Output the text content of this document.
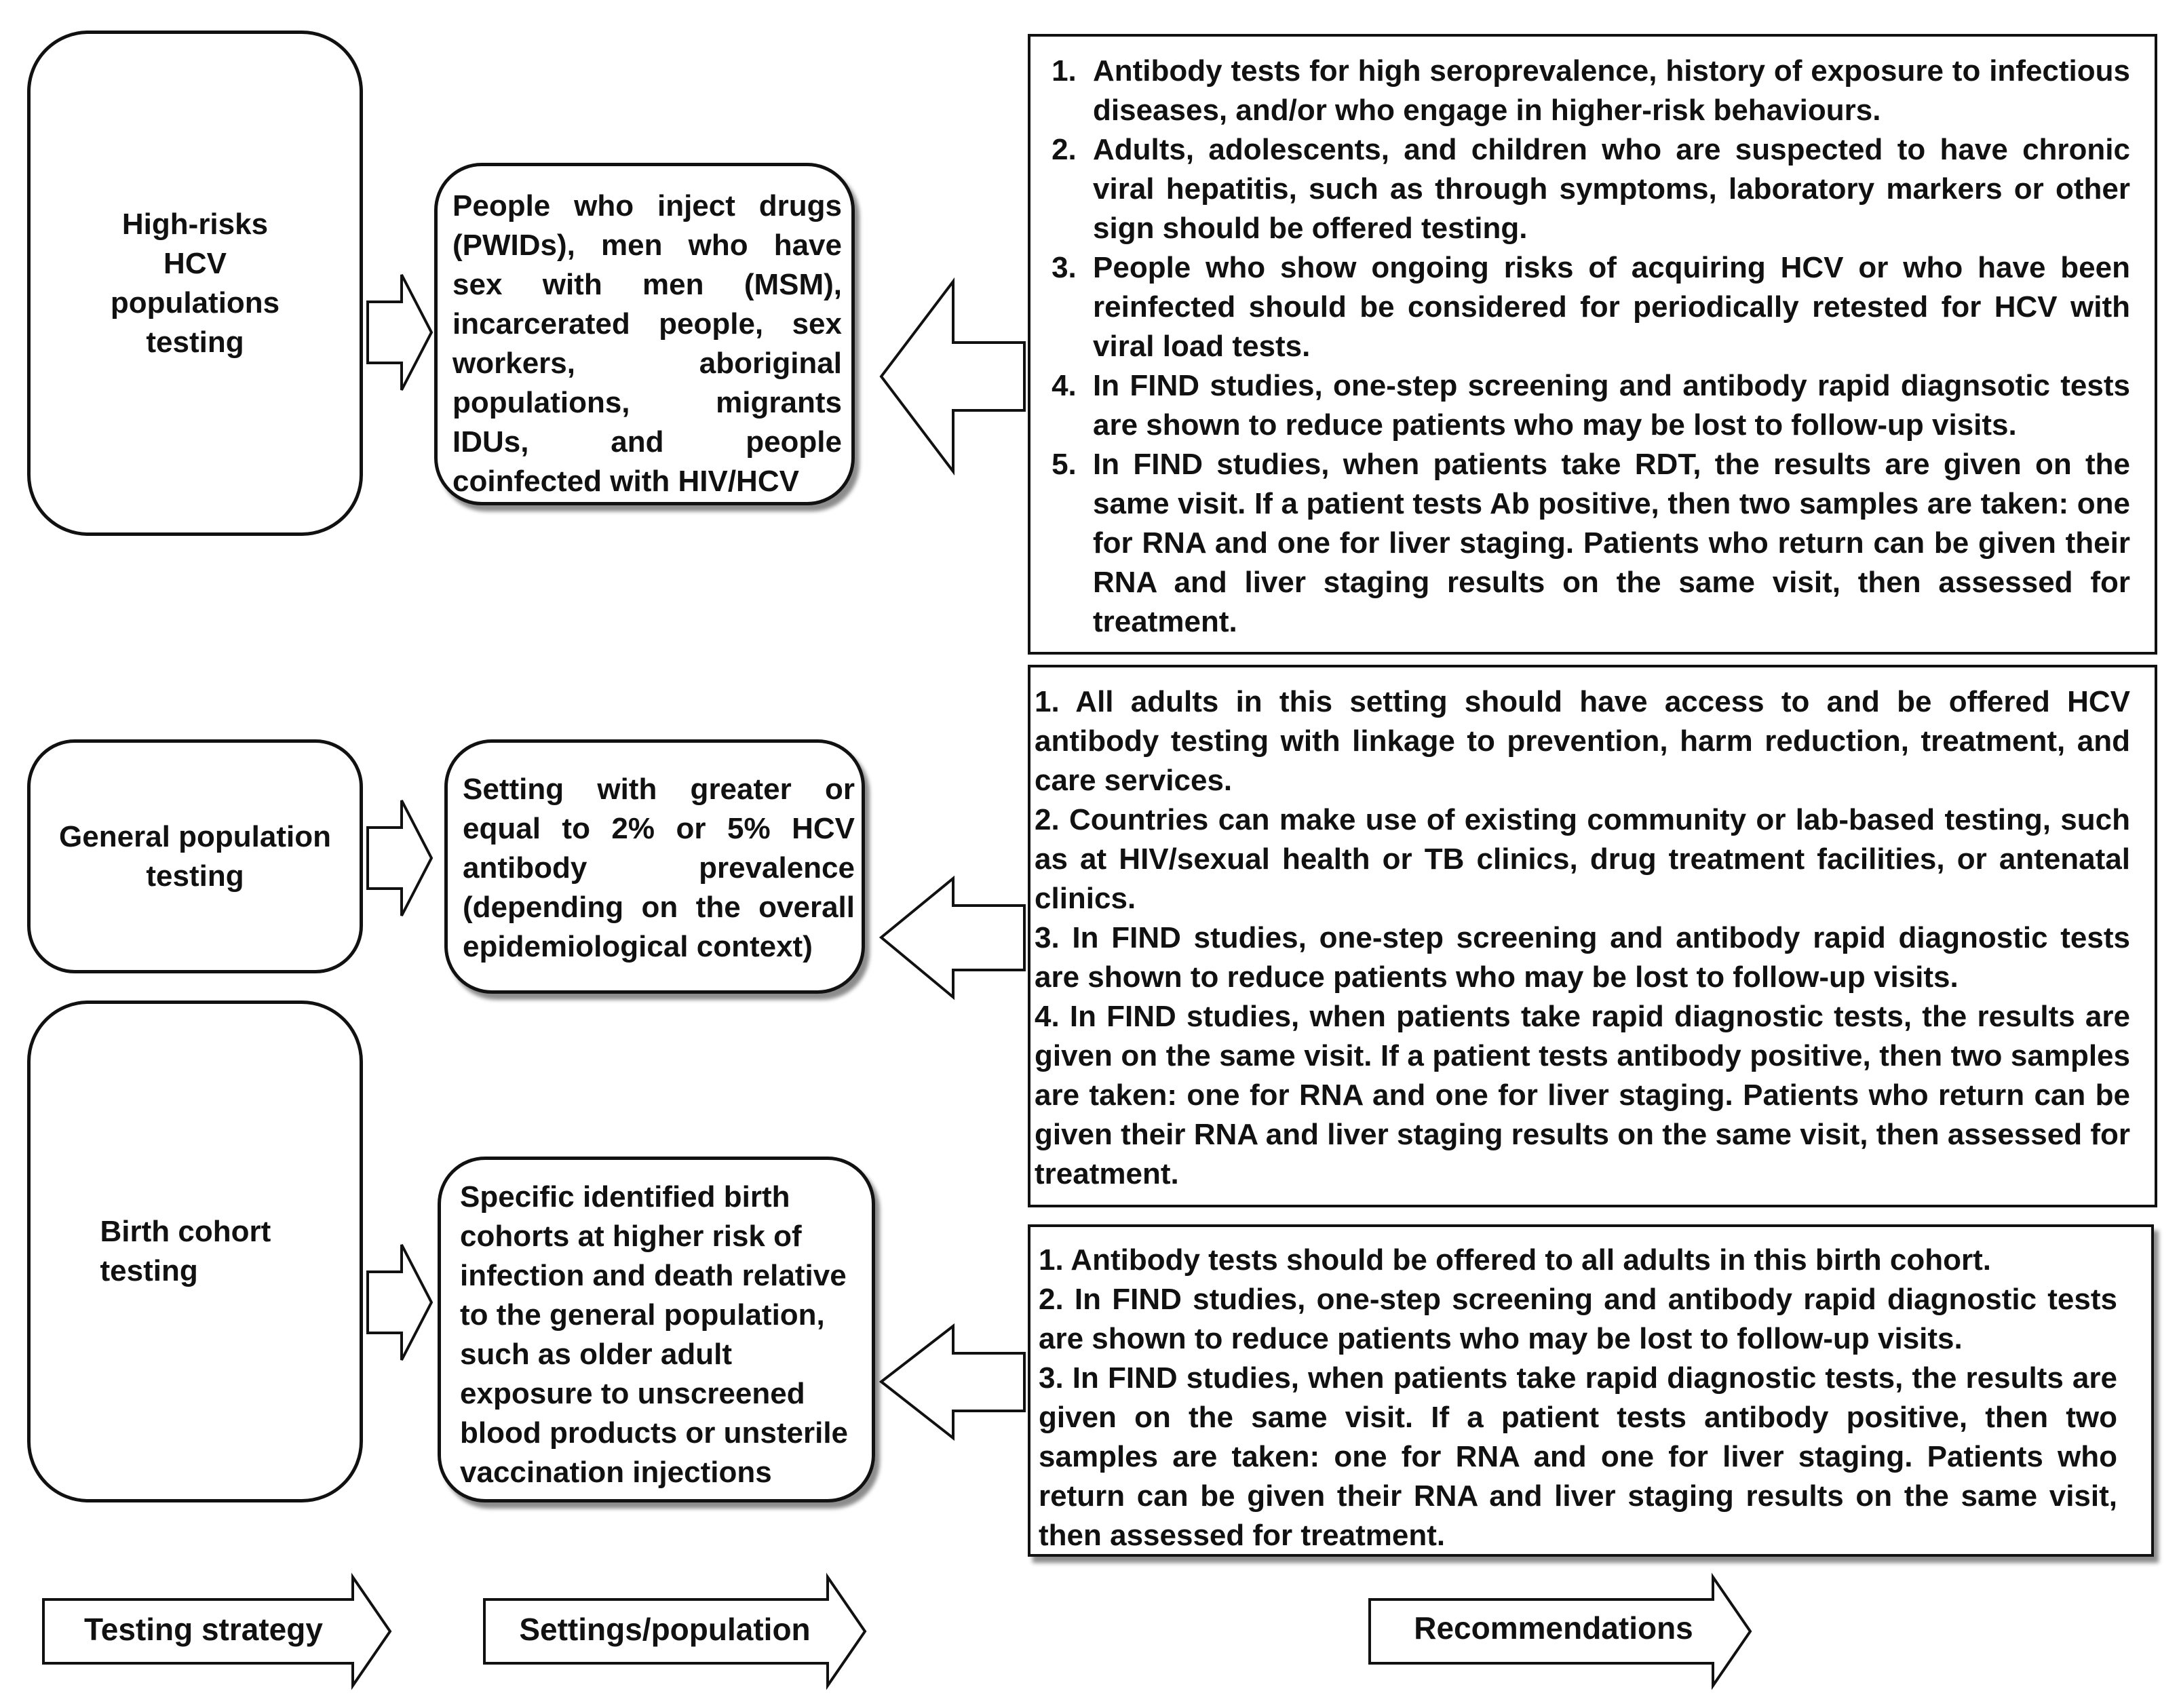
High-risks HCV populations testing
General population testing
Birth cohort testing
People who inject drugs (PWIDs), men who have sex with men (MSM), incarcerated people, sex workers, aboriginal populations, migrants IDUs, and people coinfected with HIV/HCV
Setting with greater or equal to 2% or 5% HCV antibody prevalence (depending on the overall epidemiological context)
Specific identified birth cohorts at higher risk of infection and death relative to the general population, such as older adult exposure to unscreened blood products or unsterile vaccination injections
1. Antibody tests for high seroprevalence, history of exposure to infectious diseases, and/or who engage in higher-risk behaviours.
2. Adults, adolescents, and children who are suspected to have chronic viral hepatitis, such as through symptoms, laboratory markers or other sign should be offered testing.
3. People who show ongoing risks of acquiring HCV or who have been reinfected should be considered for periodically retested for HCV with viral load tests.
4. In FIND studies, one-step screening and antibody rapid diagnsotic tests are shown to reduce patients who may be lost to follow-up visits.
5. In FIND studies, when patients take RDT, the results are given on the same visit. If a patient tests Ab positive, then two samples are taken: one for RNA and one for liver staging. Patients who return can be given their RNA and liver staging results on the same visit, then assessed for treatment.

1. All adults in this setting should have access to and be offered HCV antibody testing with linkage to prevention, harm reduction, treatment, and care services.

2. Countries can make use of existing community or lab-based testing, such as at HIV/sexual health or TB clinics, drug treatment facilities, or antenatal clinics.

3. In FIND studies, one-step screening and antibody rapid diagnostic tests are shown to reduce patients who may be lost to follow-up visits.

4. In FIND studies, when patients take rapid diagnostic tests, the results are given on the same visit. If a patient tests antibody positive, then two samples are taken: one for RNA and one for liver staging. Patients who return can be given their RNA and liver staging results on the same visit, then assessed for treatment.

1. Antibody tests should be offered to all adults in this birth cohort.

2. In FIND studies, one-step screening and antibody rapid diagnostic tests are shown to reduce patients who may be lost to follow-up visits.

3. In FIND studies, when patients take rapid diagnostic tests, the results are given on the same visit. If a patient tests antibody positive, then two samples are taken: one for RNA and one for liver staging. Patients who return can be given their RNA and liver staging results on the same visit, then assessed for treatment.

Testing strategy	Settings/population	Recommendations
